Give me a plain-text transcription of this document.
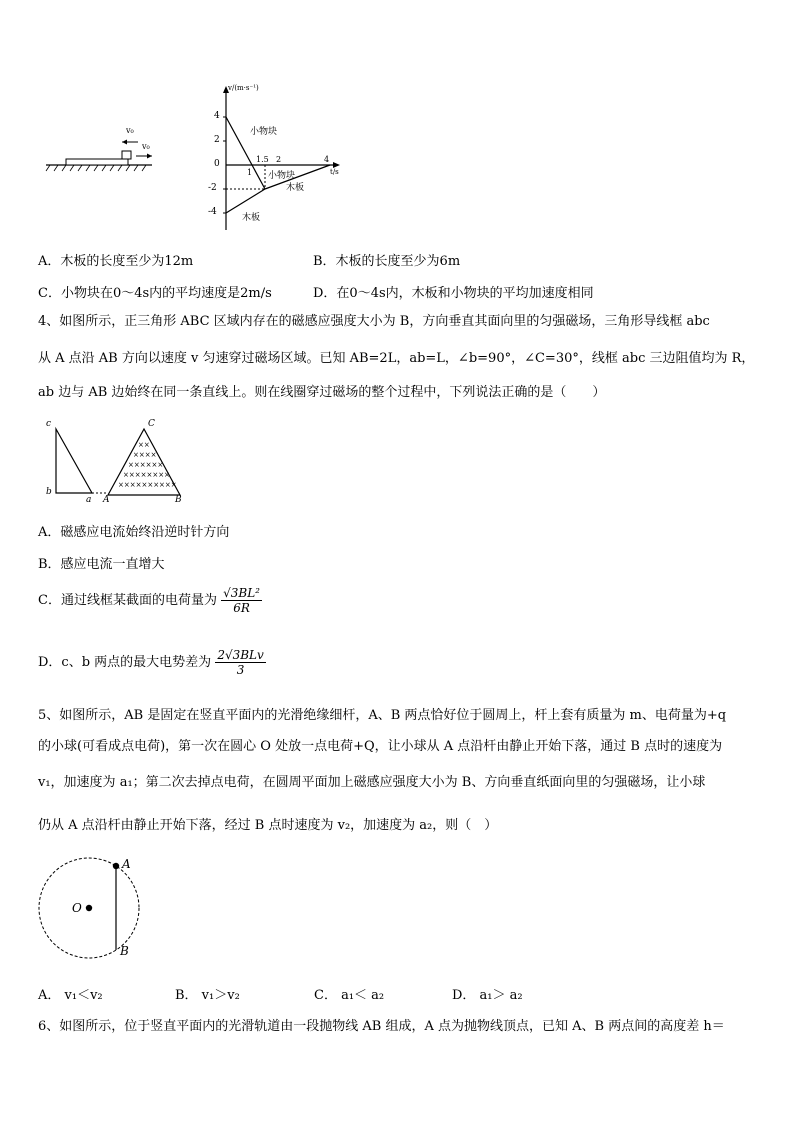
v₀
v₀
v/(m·s⁻¹)
t/s
4
2
0
-2
-4
1
1.5 2	4
小物块
小物块
木板
木板
A．木板的长度至少为12m	B．木板的长度至少为6m
C．小物块在0～4s内的平均速度是2m/s	D．在0～4s内，木板和小物块的平均加速度相同
4、如图所示，正三角形 ABC 区域内存在的磁感应强度大小为 B，方向垂直其面向里的匀强磁场，三角形导线框 abc
从 A 点沿 AB 方向以速度 v 匀速穿过磁场区域。已知 AB=2L，ab=L，∠b=90°，∠C=30°，线框 abc 三边阻值均为 R，
ab 边与 AB 边始终在同一条直线上。则在线圈穿过磁场的整个过程中，下列说法正确的是（　　）
××
××××
××××××
××××××××
××××××××××
c
b
a A	B
C
A．磁感应电流始终沿逆时针方向
B．感应电流一直增大
C．通过线框某截面的电荷量为 $\frac{\text{√3BL²}}{6R}$
D．c、b 两点的最大电势差为 $\frac{\text{2√3BLv}}{3}$
5、如图所示，AB 是固定在竖直平面内的光滑绝缘细杆，A、B 两点恰好位于圆周上，杆上套有质量为 m、电荷量为+q
的小球(可看成点电荷)，第一次在圆心 O 处放一点电荷+Q，让小球从 A 点沿杆由静止开始下落，通过 B 点时的速度为
v₁，加速度为 a₁；第二次去掉点电荷，在圆周平面加上磁感应强度大小为 B、方向垂直纸面向里的匀强磁场，让小球
仍从 A 点沿杆由静止开始下落，经过 B 点时速度为 v₂，加速度为 a₂，则（　）
O
A
B
A． v₁＜v₂	B． v₁＞v₂	C． a₁＜ a₂	D． a₁＞ a₂
6、如图所示，位于竖直平面内的光滑轨道由一段抛物线 AB 组成，A 点为抛物线顶点，已知 A、B 两点间的高度差 h＝
